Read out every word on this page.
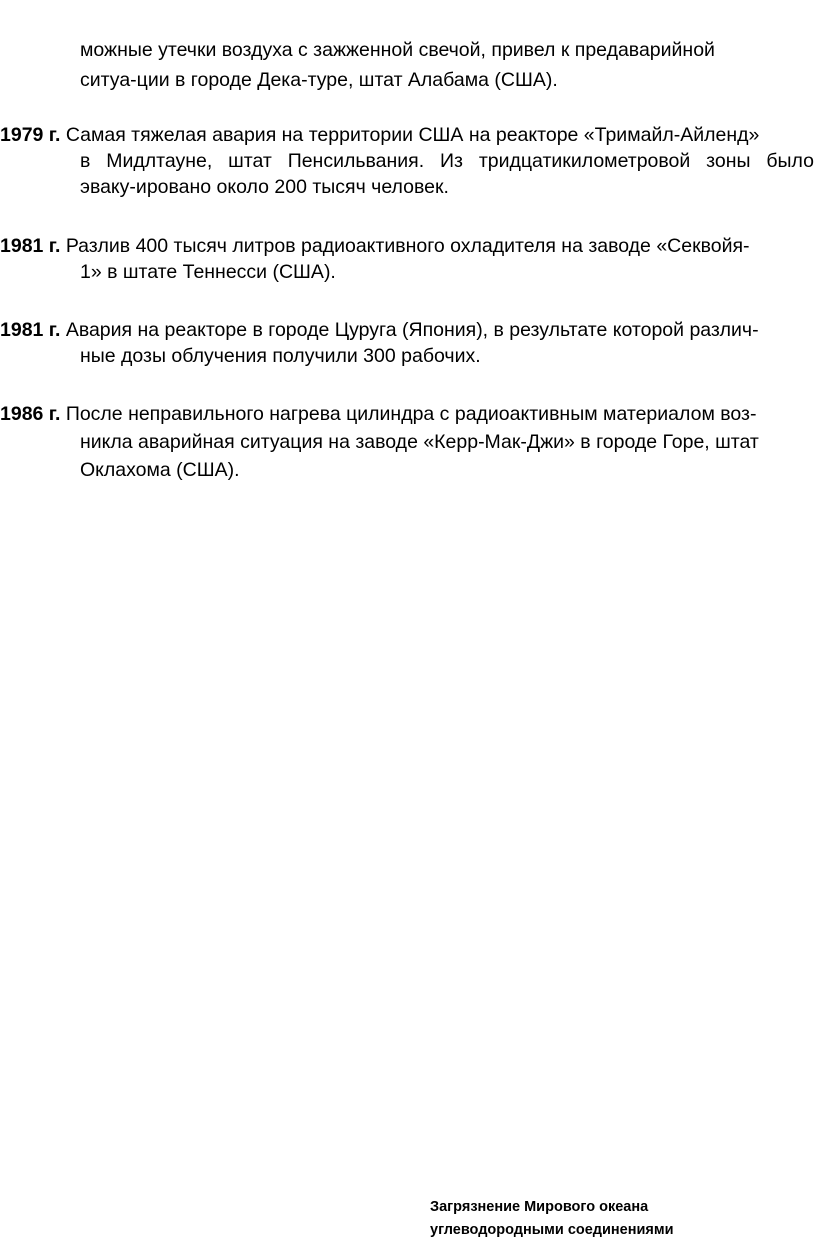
можные утечки воздуха с зажженной свечой, привел к предаварийной
ситуа-ции в городе Дека-туре, штат Алабама (США).
1979 г. Самая тяжелая авария на территории США на реакторе «Тримайл-Айленд»
в Мидлтауне, штат Пенсильвания. Из тридцатикилометровой зоны было
эваку-ировано около 200 тысяч человек.
1981 г. Разлив 400 тысяч литров радиоактивного охладителя на заводе «Секвойя-
1» в штате Теннесси (США).
1981 г. Авария на реакторе в городе Цуруга (Япония), в результате которой различ-
ные дозы облучения получили 300 рабочих.
1986 г. После неправильного нагрева цилиндра с радиоактивным материалом воз-
никла аварийная ситуация на заводе «Керр-Мак-Джи» в городе Горе, штат
Оклахома (США).
Загрязнение Мирового океана
углеводородными соединениями
